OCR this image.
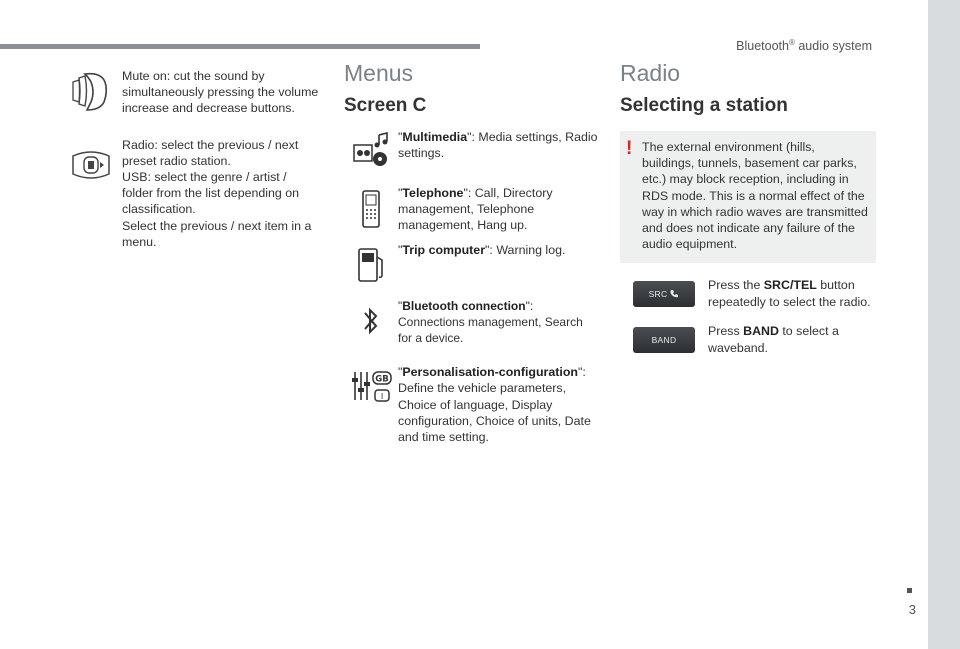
Bluetooth® audio system
Mute on: cut the sound by simultaneously pressing the volume increase and decrease buttons.
Radio: select the previous / next preset radio station.
USB: select the genre / artist / folder from the list depending on classification.
Select the previous / next item in a menu.
Menus
Screen C
"Multimedia": Media settings, Radio settings.
"Telephone": Call, Directory management, Telephone management, Hang up.
"Trip computer": Warning log.
"Bluetooth connection": Connections management, Search for a device.
GB
I
"Personalisation-configuration": Define the vehicle parameters, Choice of language, Display configuration, Choice of units, Date and time setting.
Radio
Selecting a station
! The external environment (hills, buildings, tunnels, basement car parks, etc.) may block reception, including in RDS mode. This is a normal effect of the way in which radio waves are transmitted and does not indicate any failure of the audio equipment.
SRC
Press the SRC/TEL button repeatedly to select the radio.
BAND
Press BAND to select a waveband.
3
